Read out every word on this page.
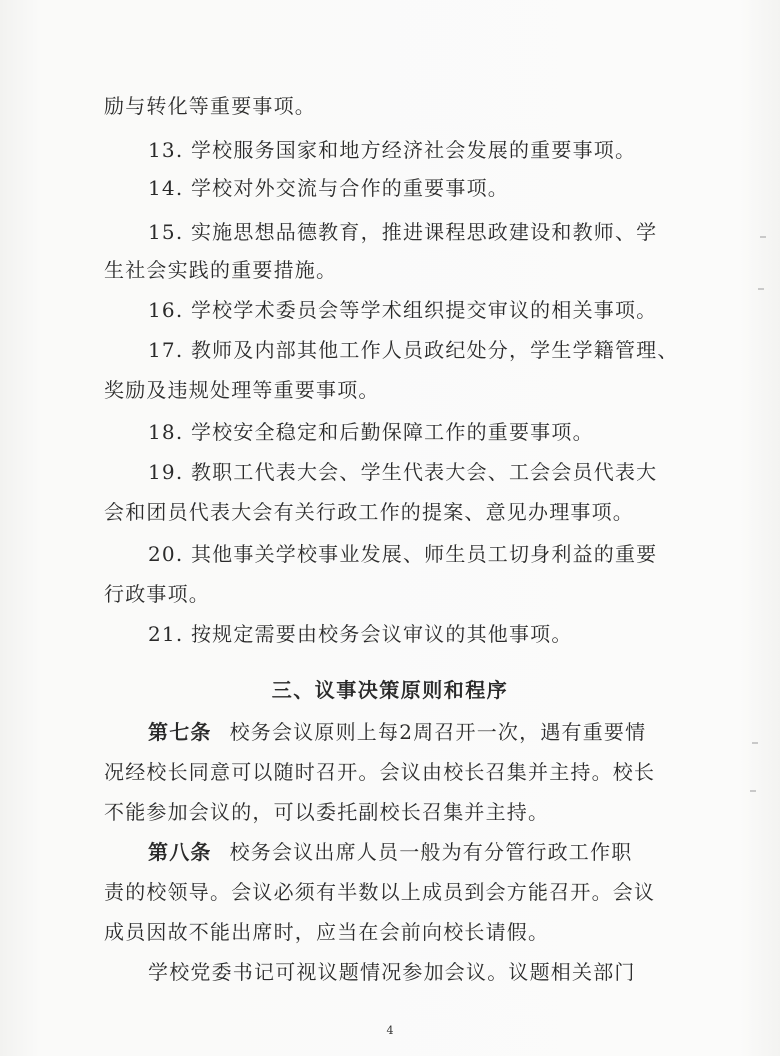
励与转化等重要事项。
13. 学校服务国家和地方经济社会发展的重要事项。
14. 学校对外交流与合作的重要事项。
15. 实施思想品德教育，推进课程思政建设和教师、学
生社会实践的重要措施。
16. 学校学术委员会等学术组织提交审议的相关事项。
17. 教师及内部其他工作人员政纪处分，学生学籍管理、
奖励及违规处理等重要事项。
18. 学校安全稳定和后勤保障工作的重要事项。
19. 教职工代表大会、学生代表大会、工会会员代表大
会和团员代表大会有关行政工作的提案、意见办理事项。
20. 其他事关学校事业发展、师生员工切身利益的重要
行政事项。
21. 按规定需要由校务会议审议的其他事项。
三、议事决策原则和程序
第七条 校务会议原则上每2周召开一次，遇有重要情
况经校长同意可以随时召开。会议由校长召集并主持。校长
不能参加会议的，可以委托副校长召集并主持。
第八条 校务会议出席人员一般为有分管行政工作职
责的校领导。会议必须有半数以上成员到会方能召开。会议
成员因故不能出席时，应当在会前向校长请假。
学校党委书记可视议题情况参加会议。议题相关部门
4
